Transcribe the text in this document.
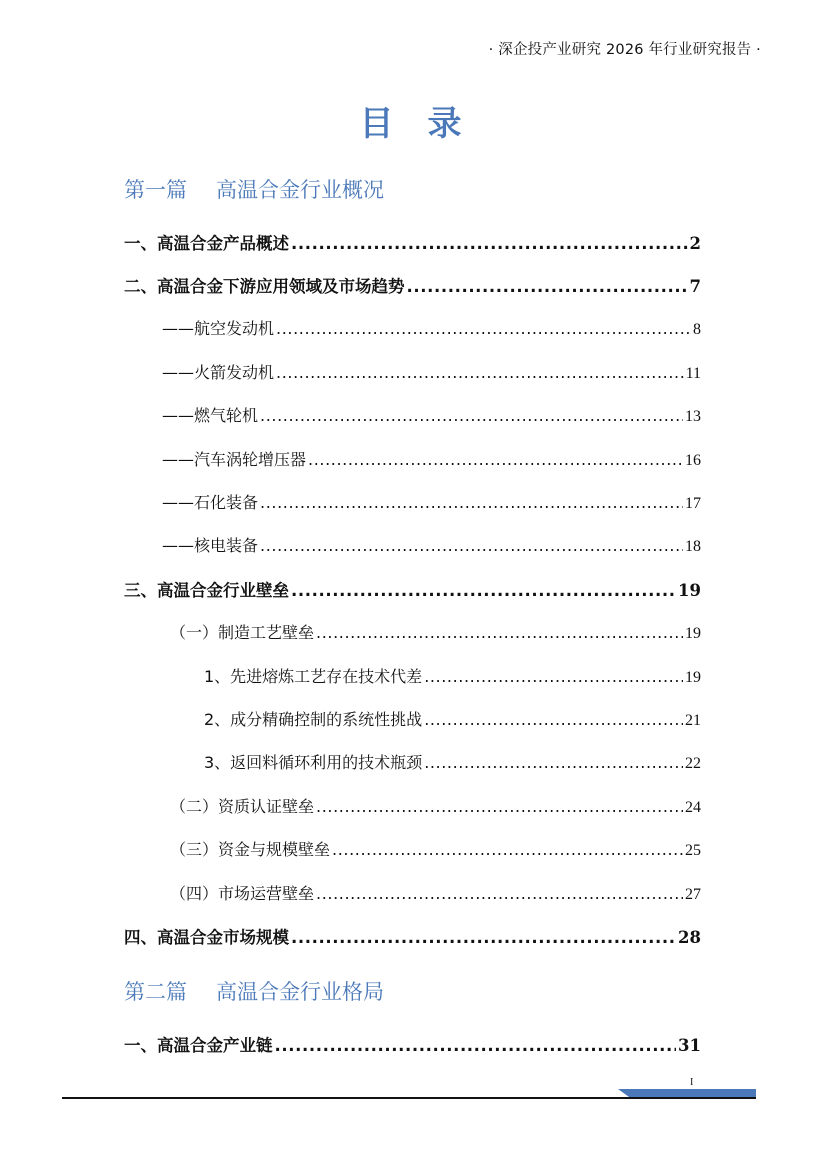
· 深企投产业研究 2026 年行业研究报告 ·
目 录
第一篇 高温合金行业概况
一、高温合金产品概述 .....	2
二、高温合金下游应用领域及市场趋势 .....	7
——航空发动机 .....	8
——火箭发动机 .....	11
——燃气轮机 .....	13
——汽车涡轮增压器 .....	16
——石化装备 .....	17
——核电装备 .....	18
三、高温合金行业壁垒 .....	19
（一）制造工艺壁垒 .....	19
1、先进熔炼工艺存在技术代差 .....	19
2、成分精确控制的系统性挑战 .....	21
3、返回料循环利用的技术瓶颈 .....	22
（二）资质认证壁垒 .....	24
（三）资金与规模壁垒 .....	25
（四）市场运营壁垒 .....	27
四、高温合金市场规模 .....	28
第二篇 高温合金行业格局
一、高温合金产业链 .....	31
I
